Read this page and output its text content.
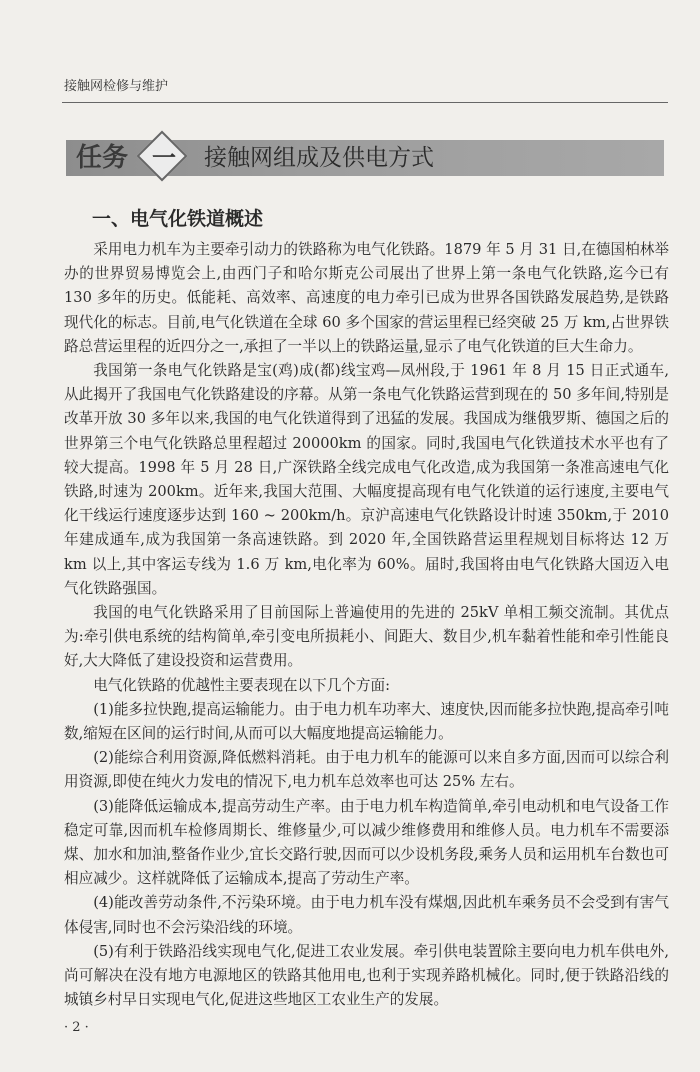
接触网检修与维护
任务 一 接触网组成及供电方式
一、电气化铁道概述

采用电力机车为主要牵引动力的铁路称为电气化铁路。1879 年 5 月 31 日,在德国柏林举办的世界贸易博览会上,由西门子和哈尔斯克公司展出了世界上第一条电气化铁路,迄今已有 130 多年的历史。低能耗、高效率、高速度的电力牵引已成为世界各国铁路发展趋势,是铁路现代化的标志。目前,电气化铁道在全球 60 多个国家的营运里程已经突破 25 万 km,占世界铁路总营运里程的近四分之一,承担了一半以上的铁路运量,显示了电气化铁道的巨大生命力。

我国第一条电气化铁路是宝(鸡)成(都)线宝鸡—凤州段,于 1961 年 8 月 15 日正式通车,从此揭开了我国电气化铁路建设的序幕。从第一条电气化铁路运营到现在的 50 多年间,特别是改革开放 30 多年以来,我国的电气化铁道得到了迅猛的发展。我国成为继俄罗斯、德国之后的世界第三个电气化铁路总里程超过 20000km 的国家。同时,我国电气化铁道技术水平也有了较大提高。1998 年 5 月 28 日,广深铁路全线完成电气化改造,成为我国第一条准高速电气化铁路,时速为 200km。近年来,我国大范围、大幅度提高现有电气化铁道的运行速度,主要电气化干线运行速度逐步达到 160 ~ 200km/h。京沪高速电气化铁路设计时速 350km,于 2010 年建成通车,成为我国第一条高速铁路。到 2020 年,全国铁路营运里程规划目标将达 12 万 km 以上,其中客运专线为 1.6 万 km,电化率为 60%。届时,我国将由电气化铁路大国迈入电气化铁路强国。

我国的电气化铁路采用了目前国际上普遍使用的先进的 25kV 单相工频交流制。其优点为:牵引供电系统的结构简单,牵引变电所损耗小、间距大、数目少,机车黏着性能和牵引性能良好,大大降低了建设投资和运营费用。

电气化铁路的优越性主要表现在以下几个方面:

(1)能多拉快跑,提高运输能力。由于电力机车功率大、速度快,因而能多拉快跑,提高牵引吨数,缩短在区间的运行时间,从而可以大幅度地提高运输能力。

(2)能综合利用资源,降低燃料消耗。由于电力机车的能源可以来自多方面,因而可以综合利用资源,即使在纯火力发电的情况下,电力机车总效率也可达 25% 左右。

(3)能降低运输成本,提高劳动生产率。由于电力机车构造简单,牵引电动机和电气设备工作稳定可靠,因而机车检修周期长、维修量少,可以减少维修费用和维修人员。电力机车不需要添煤、加水和加油,整备作业少,宜长交路行驶,因而可以少设机务段,乘务人员和运用机车台数也可相应减少。这样就降低了运输成本,提高了劳动生产率。

(4)能改善劳动条件,不污染环境。由于电力机车没有煤烟,因此机车乘务员不会受到有害气体侵害,同时也不会污染沿线的环境。

(5)有利于铁路沿线实现电气化,促进工农业发展。牵引供电装置除主要向电力机车供电外,尚可解决在没有地方电源地区的铁路其他用电,也利于实现养路机械化。同时,便于铁路沿线的城镇乡村早日实现电气化,促进这些地区工农业生产的发展。

· 2 ·
